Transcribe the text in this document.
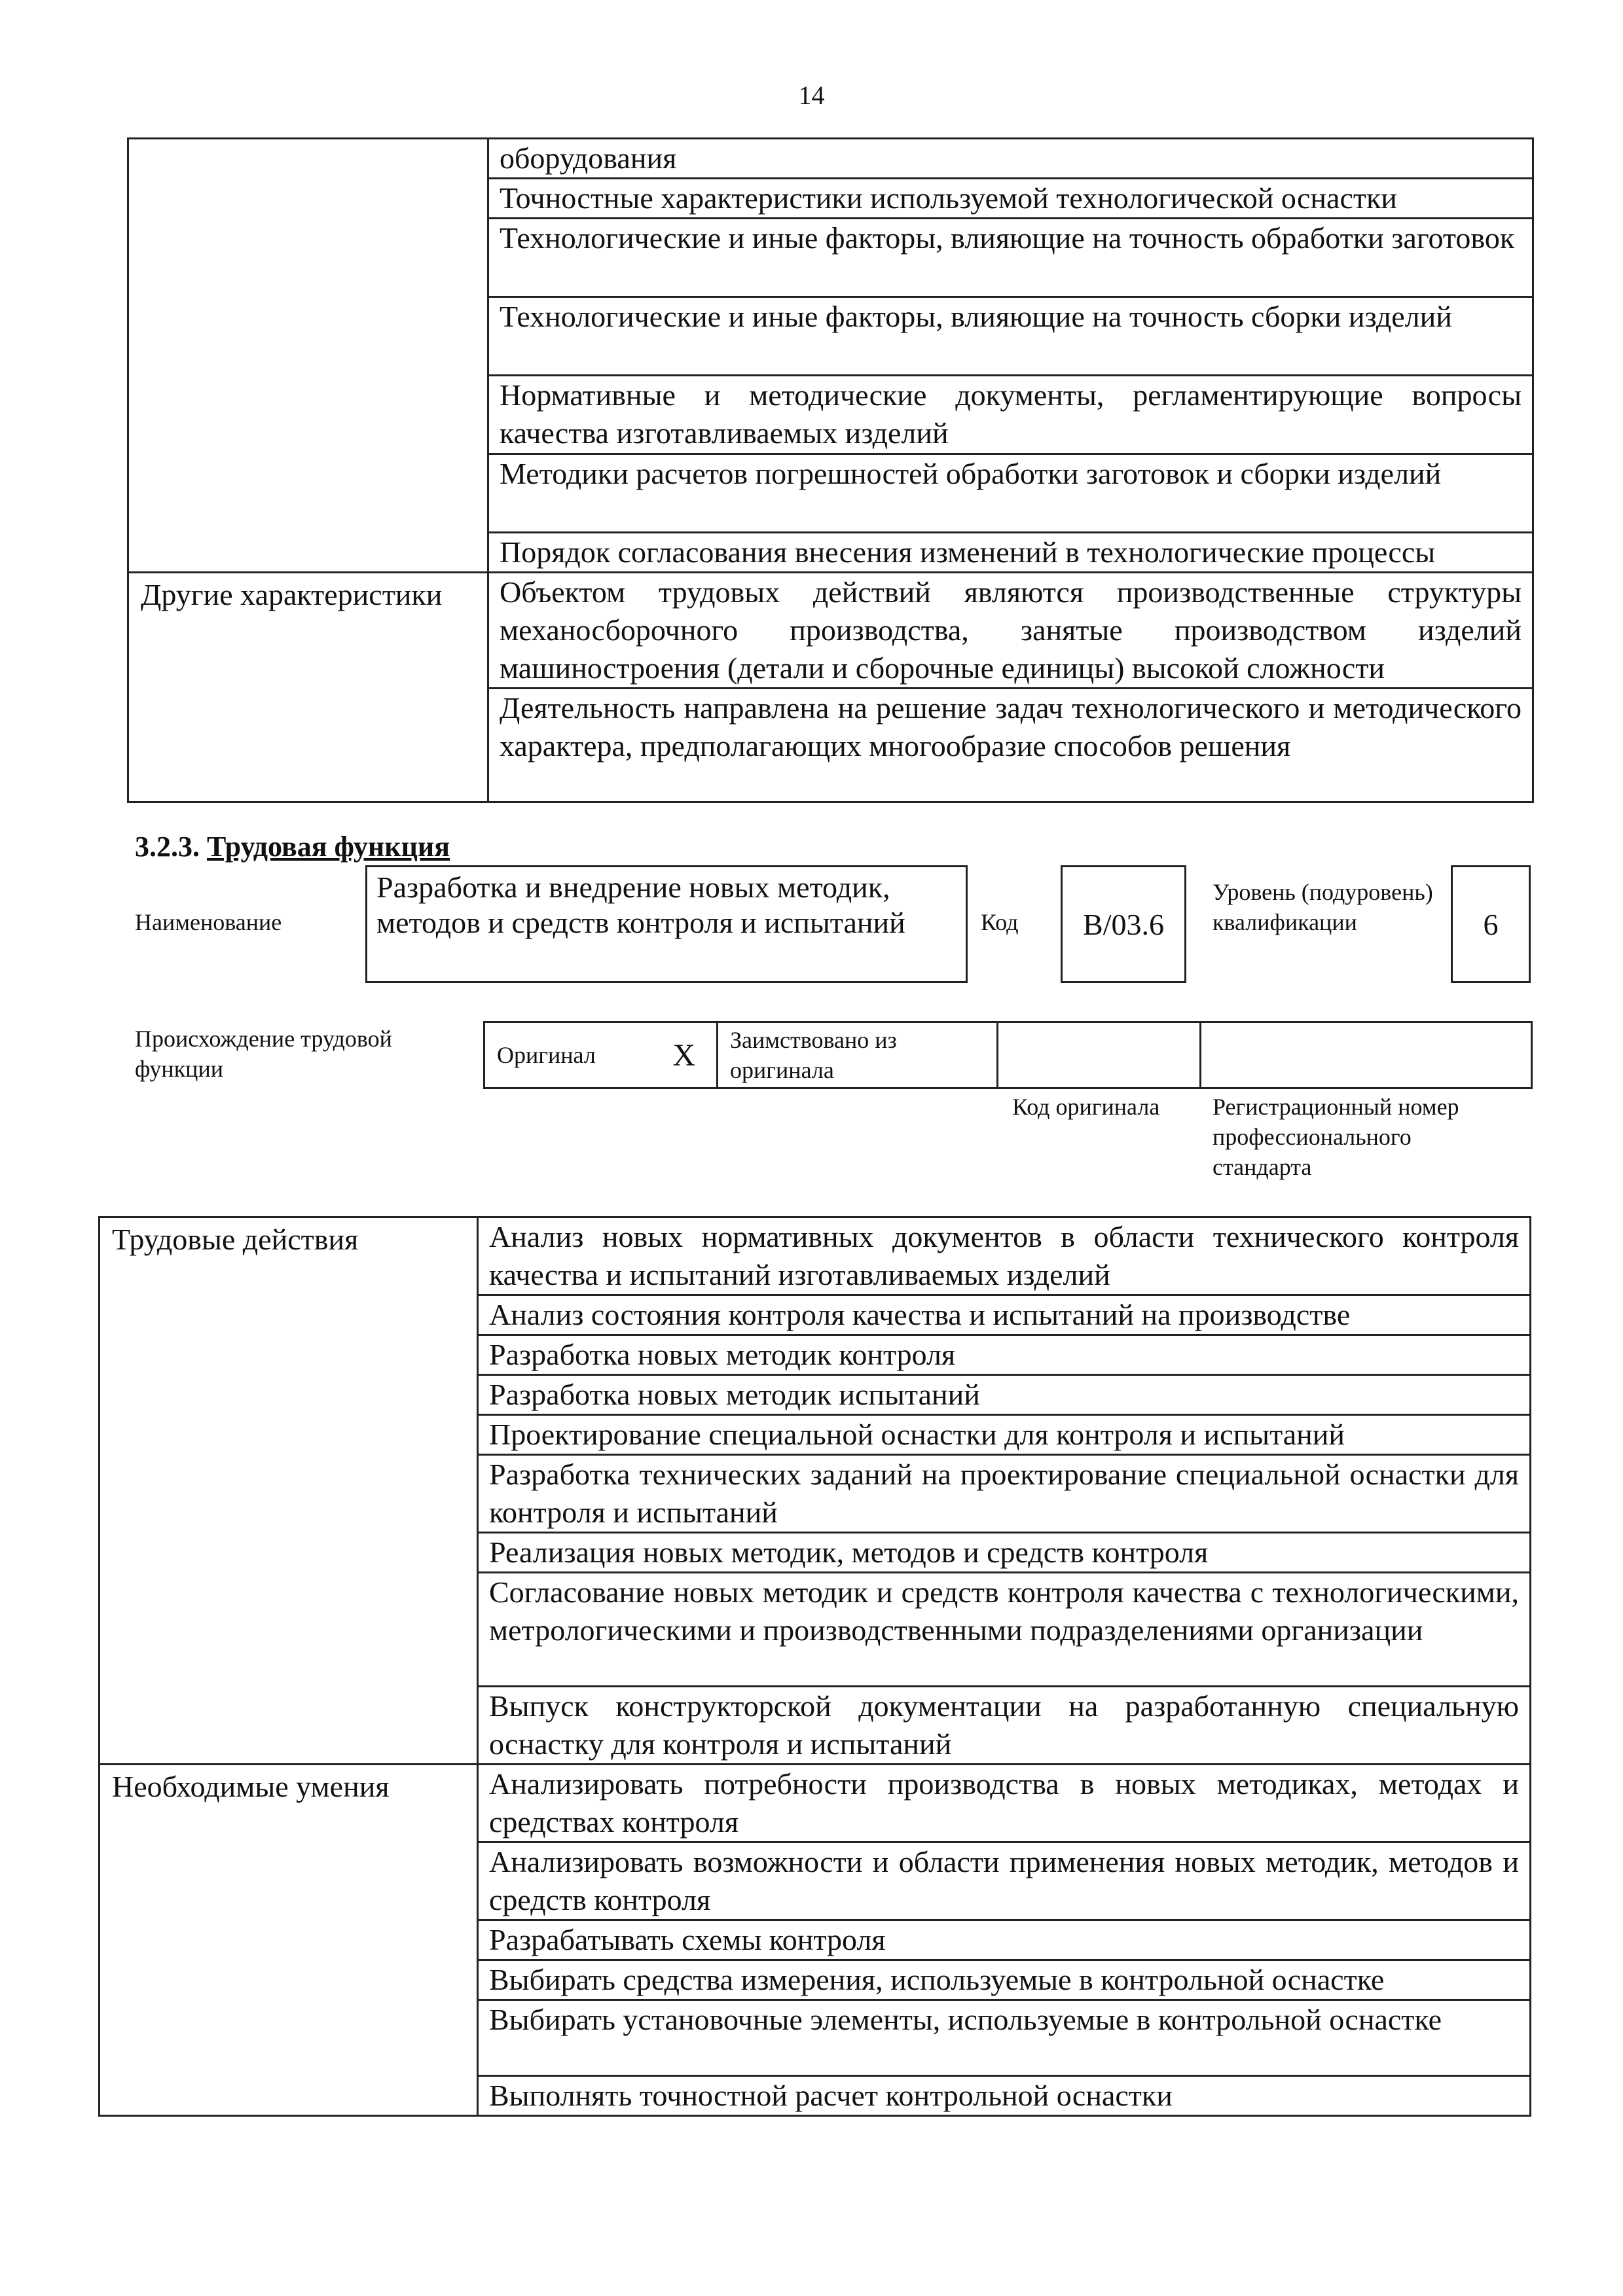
14
	оборудования
	Точностные характеристики используемой технологической оснастки
	Технологические и иные факторы, влияющие на точность обработки заготовок
	Технологические и иные факторы, влияющие на точность сборки изделий
	Нормативные и методические документы, регламентирующие вопросы качества изготавливаемых изделий
	Методики расчетов погрешностей обработки заготовок и сборки изделий
	Порядок согласования внесения изменений в технологические процессы
Другие характеристики	Объектом трудовых действий являются производственные структуры механосборочного производства, занятые производством изделий машиностроения (детали и сборочные единицы) высокой сложности
	Деятельность направлена на решение задач технологического и методического характера, предполагающих многообразие способов решения
3.2.3. Трудовая функция
Наименование
Разработка и внедрение новых методик, методов и средств контроля и испытаний	Код B/03.6
Уровень (подуровень) квалификации	6
Происхождение трудовой функции
Оригинал	X	Заимствовано из оригинала		
Код оригинала Регистрационный номер профессионального стандарта
Трудовые действия	Анализ новых нормативных документов в области технического контроля качества и испытаний изготавливаемых изделий
	Анализ состояния контроля качества и испытаний на производстве
	Разработка новых методик контроля
	Разработка новых методик испытаний
	Проектирование специальной оснастки для контроля и испытаний
	Разработка технических заданий на проектирование специальной оснастки для контроля и испытаний
	Реализация новых методик, методов и средств контроля
	Согласование новых методик и средств контроля качества с технологическими, метрологическими и производственными подразделениями организации
	Выпуск конструкторской документации на разработанную специальную оснастку для контроля и испытаний
Необходимые умения	Анализировать потребности производства в новых методиках, методах и средствах контроля
	Анализировать возможности и области применения новых методик, методов и средств контроля
	Разрабатывать схемы контроля
	Выбирать средства измерения, используемые в контрольной оснастке
	Выбирать установочные элементы, используемые в контрольной оснастке
	Выполнять точностной расчет контрольной оснастки
